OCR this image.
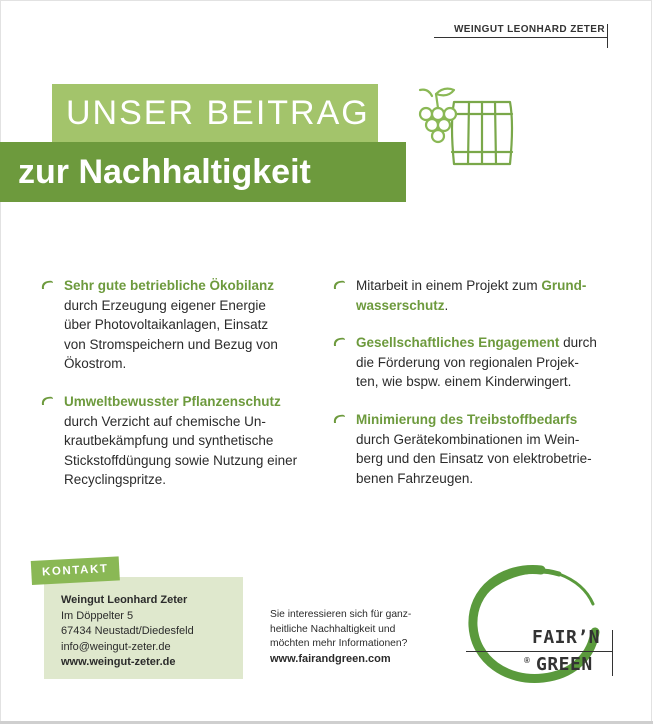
WEINGUT LEONHARD ZETER
UNSER BEITRAG
zur Nachhaltigkeit
Sehr gute betriebliche Ökobilanz
durch Erzeugung eigener Energie
über Photovoltaikanlagen, Einsatz
von Stromspeichern und Bezug von
Ökostrom.
Umweltbewusster Pflanzenschutz
durch Verzicht auf chemische Un-
krautbekämpfung und synthetische
Stickstoffdüngung sowie Nutzung einer
Recyclingspritze.
Mitarbeit in einem Projekt zum Grund-
wasserschutz.
Gesellschaftliches Engagement durch
die Förderung von regionalen Projek-
ten, wie bspw. einem Kinderwingert.
Minimierung des Treibstoffbedarfs
durch Gerätekombinationen im Wein-
berg und den Einsatz von elektrobetrie-
benen Fahrzeugen.
Weingut Leonhard Zeter
Im Döppelter 5
67434 Neustadt/Diedesfeld
info@weingut-zeter.de
www.weingut-zeter.de
KONTAKT
Sie interessieren sich für ganz-
heitliche Nachhaltigkeit und
möchten mehr Informationen?
www.fairandgreen.com
FAIR’N
® GREEN
